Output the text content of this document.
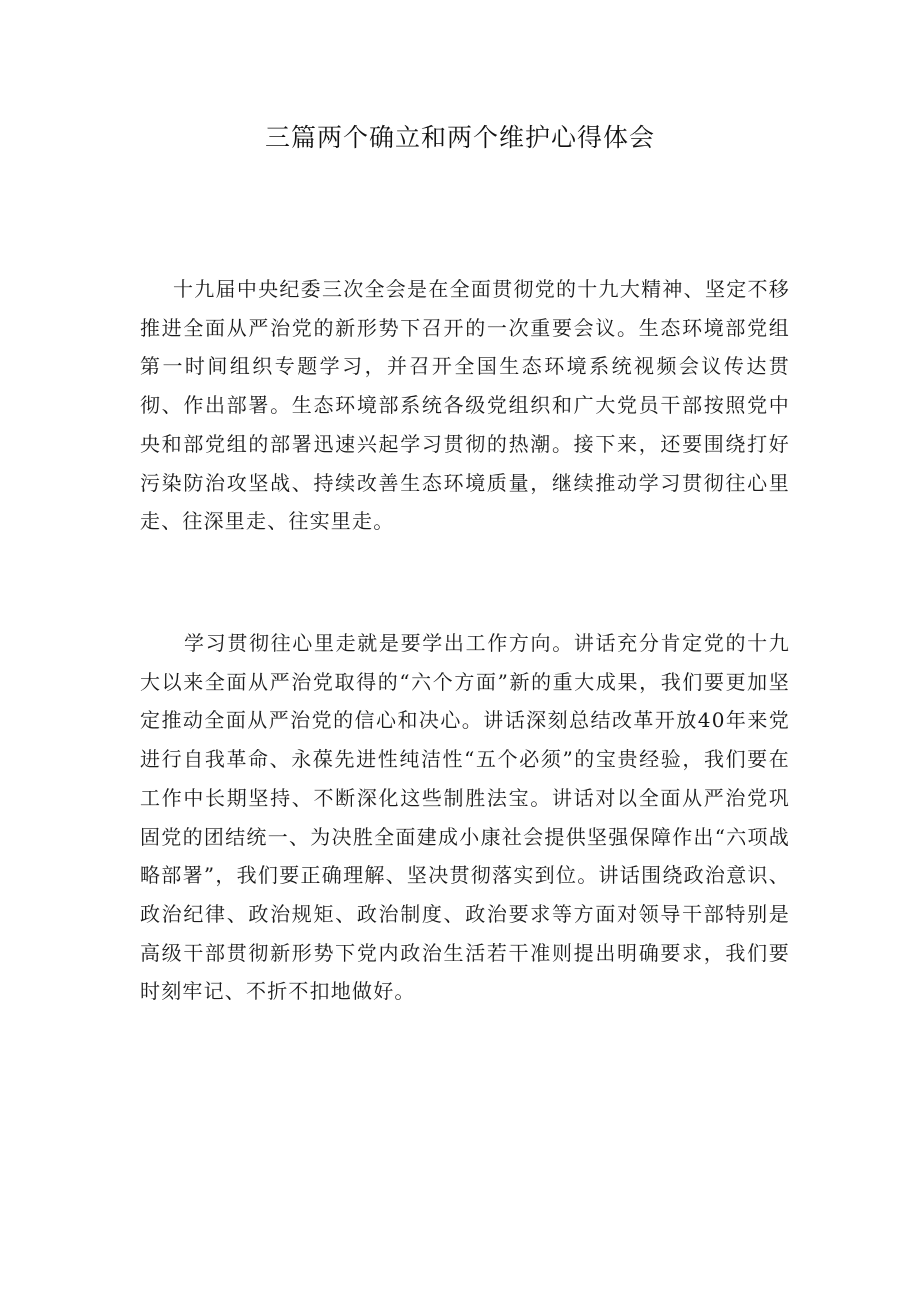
三篇两个确立和两个维护心得体会

十九届中央纪委三次全会是在全面贯彻党的十九大精神、坚定不移推进全面从严治党的新形势下召开的一次重要会议。生态环境部党组第一时间组织专题学习，并召开全国生态环境系统视频会议传达贯彻、作出部署。生态环境部系统各级党组织和广大党员干部按照党中央和部党组的部署迅速兴起学习贯彻的热潮。接下来，还要围绕打好污染防治攻坚战、持续改善生态环境质量，继续推动学习贯彻往心里走、往深里走、往实里走。

学习贯彻往心里走就是要学出工作方向。讲话充分肯定党的十九大以来全面从严治党取得的“六个方面”新的重大成果，我们要更加坚定推动全面从严治党的信心和决心。讲话深刻总结改革开放40年来党进行自我革命、永葆先进性纯洁性“五个必须”的宝贵经验，我们要在工作中长期坚持、不断深化这些制胜法宝。讲话对以全面从严治党巩固党的团结统一、为决胜全面建成小康社会提供坚强保障作出“六项战略部署”，我们要正确理解、坚决贯彻落实到位。讲话围绕政治意识、政治纪律、政治规矩、政治制度、政治要求等方面对领导干部特别是高级干部贯彻新形势下党内政治生活若干准则提出明确要求，我们要时刻牢记、不折不扣地做好。
